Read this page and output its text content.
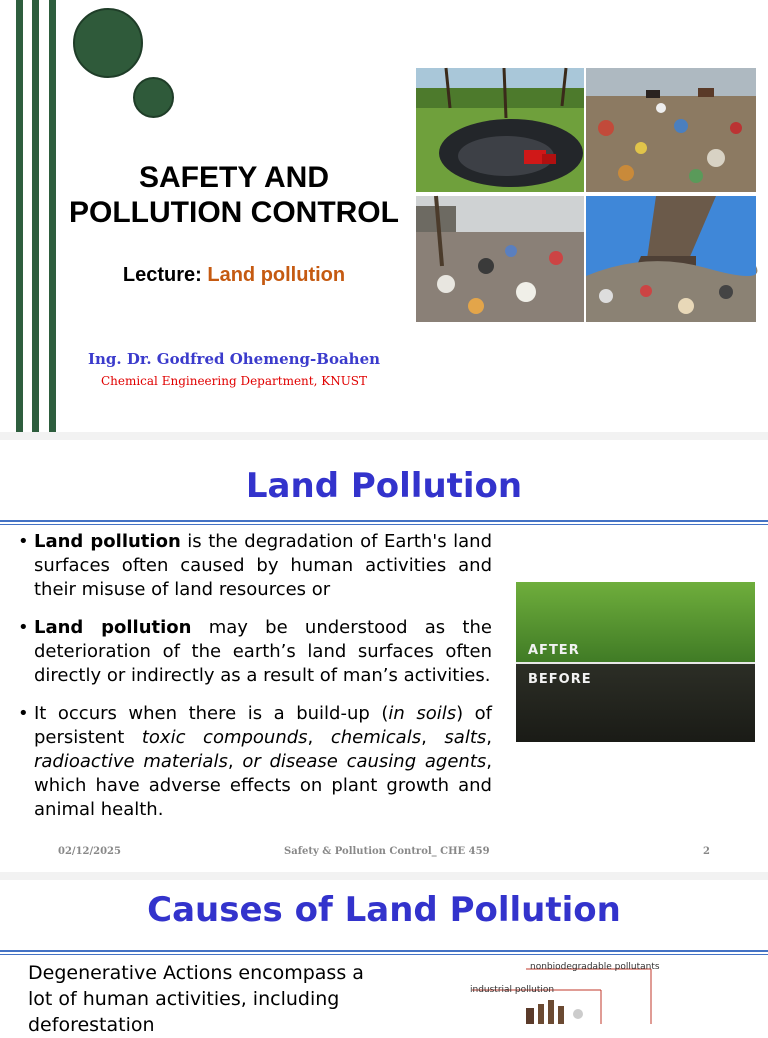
SAFETY AND
POLLUTION CONTROL
Lecture: Land pollution
Ing. Dr. Godfred Ohemeng-Boahen
Chemical Engineering Department, KNUST
Land Pollution
• Land pollution is the degradation of Earth's land surfaces often caused by human activities and their misuse of land resources or
• Land pollution may be understood as the deterioration of the earth’s land surfaces often directly or indirectly as a result of man’s activities.
• It occurs when there is a build-up (in soils) of persistent toxic compounds, chemicals, salts, radioactive materials, or disease causing agents, which have adverse effects on plant growth and animal health.
AFTER
BEFORE
02/12/2025	Safety & Pollution Control_ CHE 459	2
Causes of Land Pollution
Degenerative Actions encompass a lot of human activities, including deforestation
nonbiodegradable pollutants
industrial pollution
